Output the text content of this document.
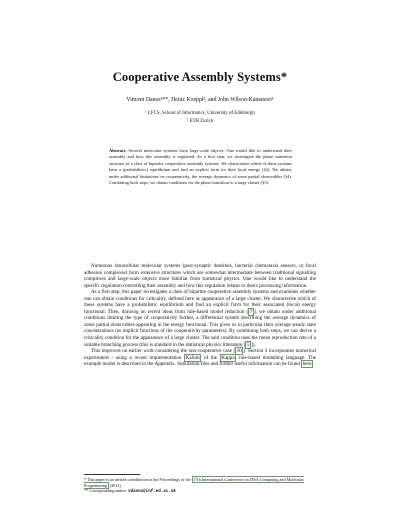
Cooperative Assembly Systems*
Vincent Danos¹**, Heinz Koeppl², and John Wilson-Kanamori¹
¹ LFCS, School of Informatics, University of Edinburgh
² ETH Zurich
Abstract. Several molecular systems form large-scale objects. One would like to understand their assembly and how this assembly is regulated. As a first step, we investigate the phase transition structure of a class of bipartite cooperative assembly systems. We characterise which of these systems have a (probabilistic) equilibrium and find an explicit form for their local energy (§2). We obtain, under additional limitations on cooperativity, the average dynamics of some partial observables (§4). Combining both steps, we obtain conditions for the phase transition to a large cluster (§5).

Numerous intracellular molecular systems (post-synaptic densities, bacterial chemotaxis sensors, or focal adhesion complexes) form extensive structures which are somewhat intermediate between traditional signalling complexes and large-scale objects more familiar from statistical physics. One would like to understand the specific regulation controlling their assembly and how this regulation relates to theirs processing information.

As a first step, this paper investigates a class of bipartite cooperative assembly systems and examines whether one can obtain conditions for criticality, defined here as appearance of a large cluster. We characterise which of these systems have a probabilistic equilibrium and find an explicit form for their associated (local) energy functional. Then, drawing on recent ideas from rule-based model reduction [ 7 ], we obtain under additional conditions limiting the type of cooperativity further, a differential system describing the average dynamics of some partial observables appearing in the energy functional. This gives us in particular their average steady state concentrations (as implicit functions of the cooperativity parameters). By combining both steps, we can derive a criticality condition for the appearance of a large cluster. The said condition uses the mean reproduction rate of a suitable branching process (this is standard in the statistical physics litterature [ 5 ]).

This improves on earlier work considering the non-cooperative case [ 10 ]. Section 3 incorporates numerical experiments - using a recent implementation KaSim of the Kappa rule-based modelling language. The example model is described in the Appendix. Simulation files and further useful information can be found here .

* This paper is an invited contribution to the Proceedings of the 17th International Conference on DNA Computing and Molecular Programming (2011)
** Corresponding author: vdanos@inf.ed.ac.uk
